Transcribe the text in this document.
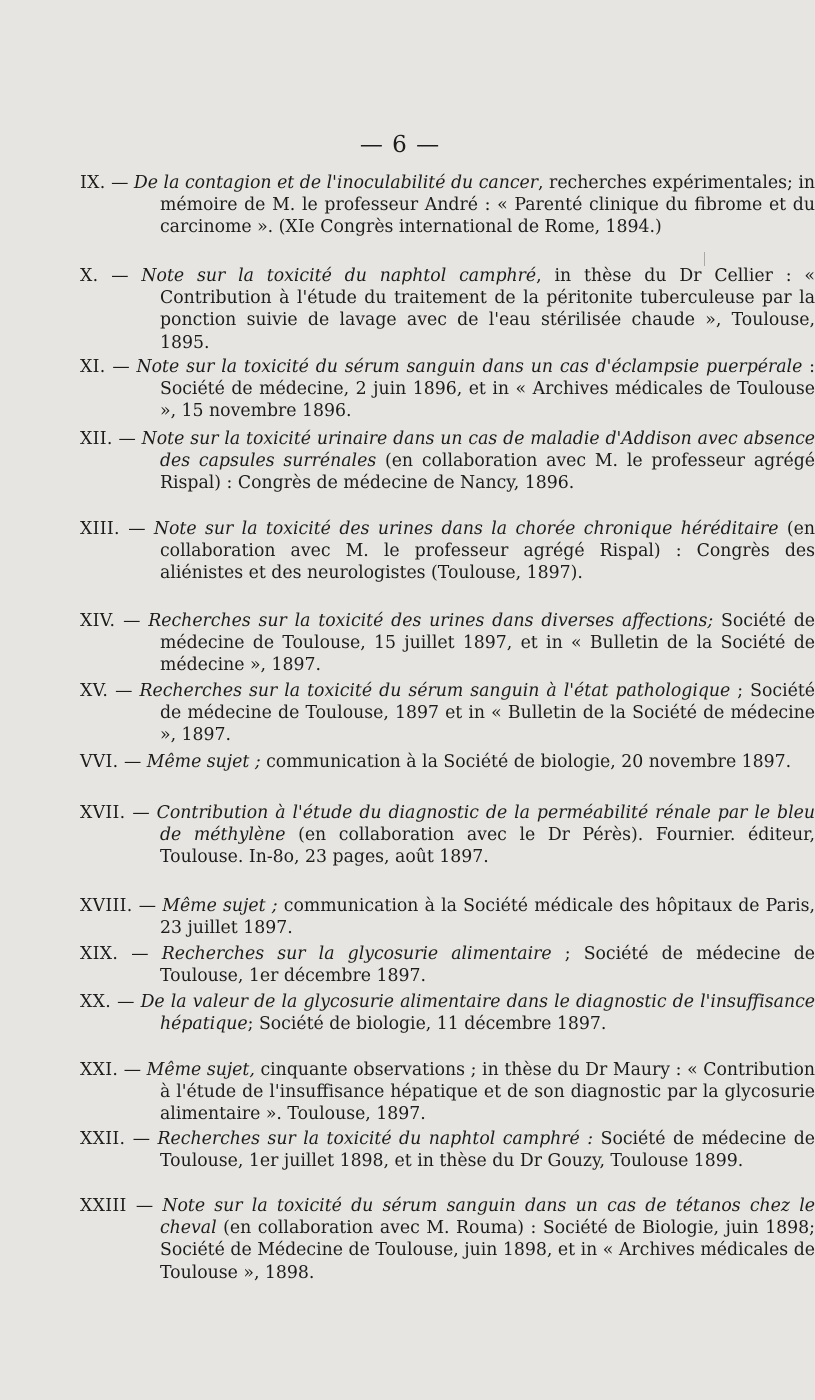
— 6 —
IX. — De la contagion et de l'inoculabilité du cancer, recherches expérimentales; in mémoire de M. le professeur André : « Parenté clinique du fibrome et du carcinome ». (XIe Congrès international de Rome, 1894.)
X. — Note sur la toxicité du naphtol camphré, in thèse du Dr Cellier : « Contribution à l'étude du traitement de la péritonite tuberculeuse par la ponction suivie de lavage avec de l'eau stérilisée chaude », Toulouse, 1895.
XI. — Note sur la toxicité du sérum sanguin dans un cas d'éclampsie puerpérale : Société de médecine, 2 juin 1896, et in « Archives médicales de Toulouse », 15 novembre 1896.
XII. — Note sur la toxicité urinaire dans un cas de maladie d'Addison avec absence des capsules surrénales (en collaboration avec M. le professeur agrégé Rispal) : Congrès de médecine de Nancy, 1896.
XIII. — Note sur la toxicité des urines dans la chorée chronique héréditaire (en collaboration avec M. le professeur agrégé Rispal) : Congrès des aliénistes et des neurologistes (Toulouse, 1897).
XIV. — Recherches sur la toxicité des urines dans diverses affections; Société de médecine de Toulouse, 15 juillet 1897, et in « Bulletin de la Société de médecine », 1897.
XV. — Recherches sur la toxicité du sérum sanguin à l'état pathologique ; Société de médecine de Toulouse, 1897 et in « Bulletin de la Société de médecine », 1897.
VVI. — Même sujet ; communication à la Société de biologie, 20 novembre 1897.
XVII. — Contribution à l'étude du diagnostic de la perméabilité rénale par le bleu de méthylène (en collaboration avec le Dr Pérès). Fournier. éditeur, Toulouse. In-8o, 23 pages, août 1897.
XVIII. — Même sujet ; communication à la Société médicale des hôpitaux de Paris, 23 juillet 1897.
XIX. — Recherches sur la glycosurie alimentaire ; Société de médecine de Toulouse, 1er décembre 1897.
XX. — De la valeur de la glycosurie alimentaire dans le diagnostic de l'insuffisance hépatique; Société de biologie, 11 décembre 1897.
XXI. — Même sujet, cinquante observations ; in thèse du Dr Maury : « Contribution à l'étude de l'insuffisance hépatique et de son diagnostic par la glycosurie alimentaire ». Toulouse, 1897.
XXII. — Recherches sur la toxicité du naphtol camphré : Société de médecine de Toulouse, 1er juillet 1898, et in thèse du Dr Gouzy, Toulouse 1899.
XXIII — Note sur la toxicité du sérum sanguin dans un cas de tétanos chez le cheval (en collaboration avec M. Rouma) : Société de Biologie, juin 1898; Société de Médecine de Toulouse, juin 1898, et in « Archives médicales de Toulouse », 1898.
